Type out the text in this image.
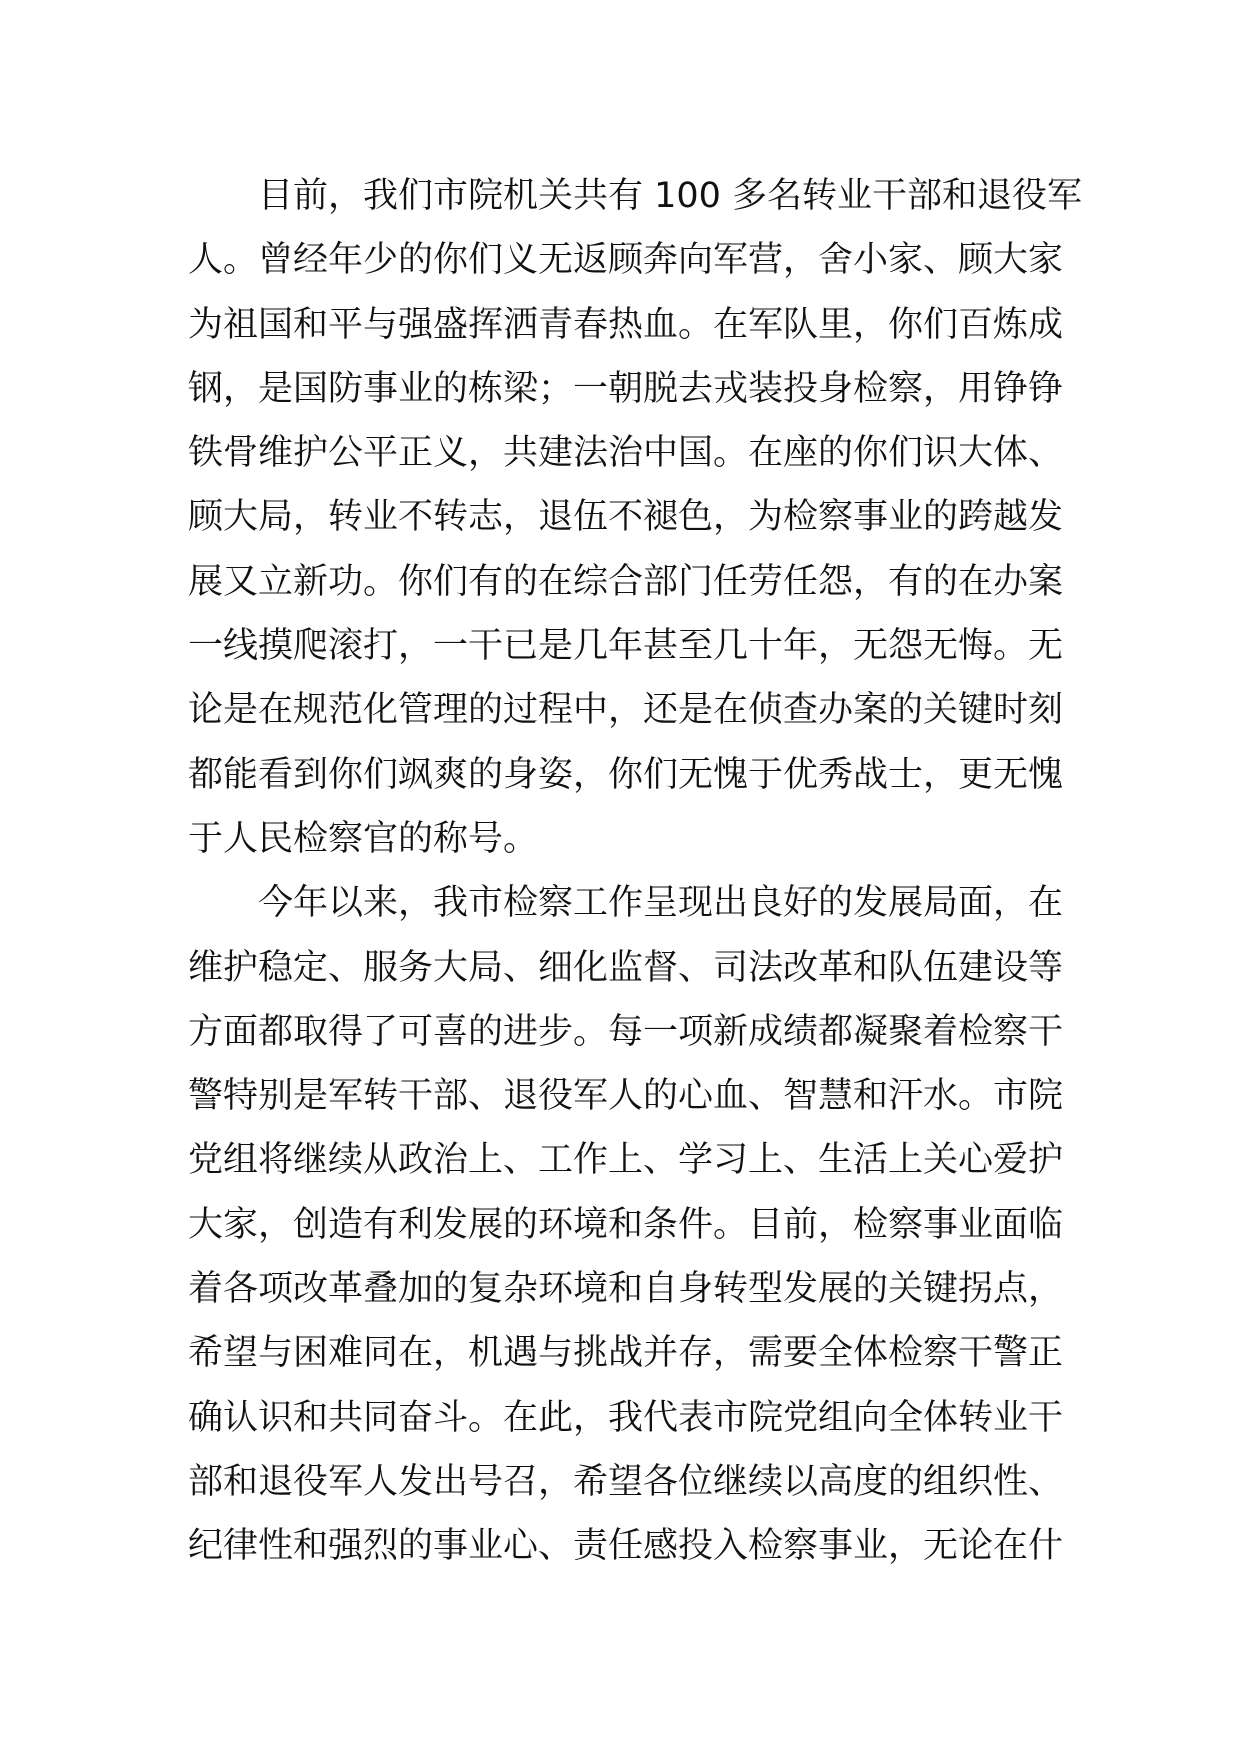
目前，我们市院机关共有 100 多名转业干部和退役军
人。曾经年少的你们义无返顾奔向军营，舍小家、顾大家
为祖国和平与强盛挥洒青春热血。在军队里，你们百炼成
钢，是国防事业的栋梁；一朝脱去戎装投身检察，用铮铮
铁骨维护公平正义，共建法治中国。在座的你们识大体、
顾大局，转业不转志，退伍不褪色，为检察事业的跨越发
展又立新功。你们有的在综合部门任劳任怨，有的在办案
一线摸爬滚打，一干已是几年甚至几十年，无怨无悔。无
论是在规范化管理的过程中，还是在侦查办案的关键时刻
都能看到你们飒爽的身姿，你们无愧于优秀战士，更无愧
于人民检察官的称号。
今年以来，我市检察工作呈现出良好的发展局面，在
维护稳定、服务大局、细化监督、司法改革和队伍建设等
方面都取得了可喜的进步。每一项新成绩都凝聚着检察干
警特别是军转干部、退役军人的心血、智慧和汗水。市院
党组将继续从政治上、工作上、学习上、生活上关心爱护
大家，创造有利发展的环境和条件。目前，检察事业面临
着各项改革叠加的复杂环境和自身转型发展的关键拐点，
希望与困难同在，机遇与挑战并存，需要全体检察干警正
确认识和共同奋斗。在此，我代表市院党组向全体转业干
部和退役军人发出号召，希望各位继续以高度的组织性、
纪律性和强烈的事业心、责任感投入检察事业，无论在什
